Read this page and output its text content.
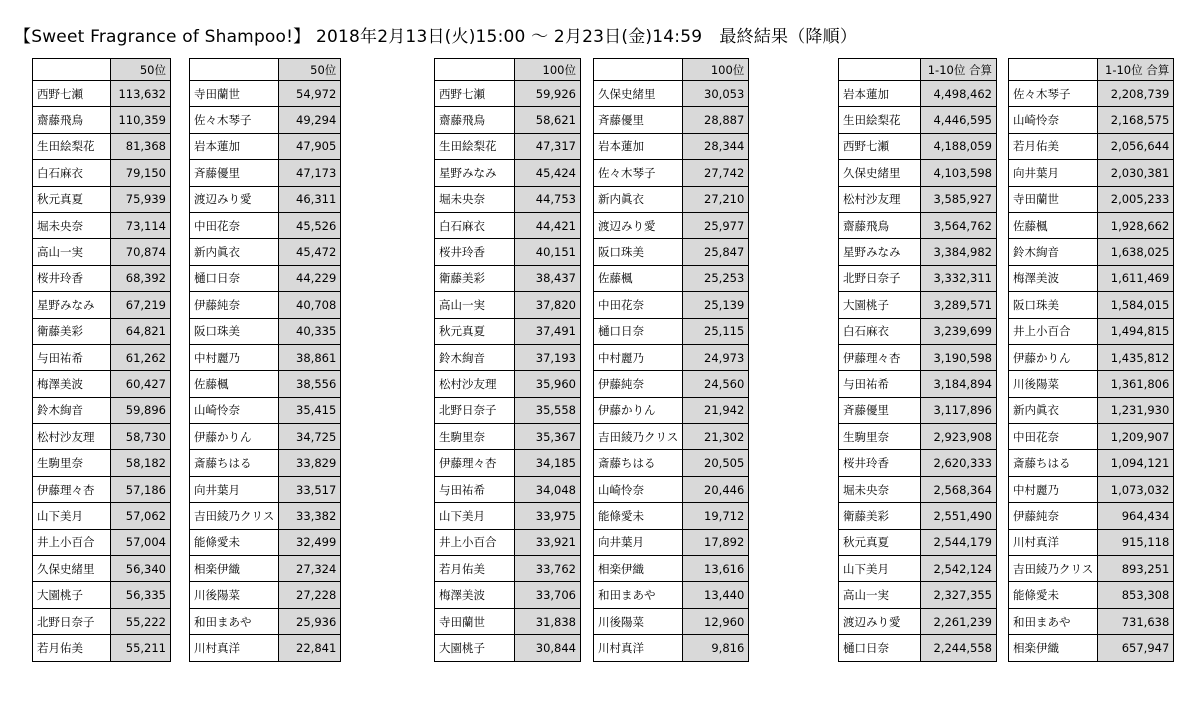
【Sweet Fragrance of Shampoo!】 2018年2月13日(火)15:00 ～ 2月23日(金)14:59　最終結果（降順）
	50位
西野七瀬	113,632
齋藤飛鳥	110,359
生田絵梨花	81,368
白石麻衣	79,150
秋元真夏	75,939
堀未央奈	73,114
高山一実	70,874
桜井玲香	68,392
星野みなみ	67,219
衛藤美彩	64,821
与田祐希	61,262
梅澤美波	60,427
鈴木絢音	59,896
松村沙友理	58,730
生駒里奈	58,182
伊藤理々杏	57,186
山下美月	57,062
井上小百合	57,004
久保史緒里	56,340
大園桃子	56,335
北野日奈子	55,222
若月佑美	55,211
	50位
寺田蘭世	54,972
佐々木琴子	49,294
岩本蓮加	47,905
斉藤優里	47,173
渡辺みり愛	46,311
中田花奈	45,526
新内眞衣	45,472
樋口日奈	44,229
伊藤純奈	40,708
阪口珠美	40,335
中村麗乃	38,861
佐藤楓	38,556
山崎怜奈	35,415
伊藤かりん	34,725
斎藤ちはる	33,829
向井葉月	33,517
吉田綾乃クリス	33,382
能條愛未	32,499
相楽伊織	27,324
川後陽菜	27,228
和田まあや	25,936
川村真洋	22,841
	100位
西野七瀬	59,926
齋藤飛鳥	58,621
生田絵梨花	47,317
星野みなみ	45,424
堀未央奈	44,753
白石麻衣	44,421
桜井玲香	40,151
衛藤美彩	38,437
高山一実	37,820
秋元真夏	37,491
鈴木絢音	37,193
松村沙友理	35,960
北野日奈子	35,558
生駒里奈	35,367
伊藤理々杏	34,185
与田祐希	34,048
山下美月	33,975
井上小百合	33,921
若月佑美	33,762
梅澤美波	33,706
寺田蘭世	31,838
大園桃子	30,844
	100位
久保史緒里	30,053
斉藤優里	28,887
岩本蓮加	28,344
佐々木琴子	27,742
新内眞衣	27,210
渡辺みり愛	25,977
阪口珠美	25,847
佐藤楓	25,253
中田花奈	25,139
樋口日奈	25,115
中村麗乃	24,973
伊藤純奈	24,560
伊藤かりん	21,942
吉田綾乃クリス	21,302
斎藤ちはる	20,505
山崎怜奈	20,446
能條愛未	19,712
向井葉月	17,892
相楽伊織	13,616
和田まあや	13,440
川後陽菜	12,960
川村真洋	9,816
	1-10位 合算
岩本蓮加	4,498,462
生田絵梨花	4,446,595
西野七瀬	4,188,059
久保史緒里	4,103,598
松村沙友理	3,585,927
齋藤飛鳥	3,564,762
星野みなみ	3,384,982
北野日奈子	3,332,311
大園桃子	3,289,571
白石麻衣	3,239,699
伊藤理々杏	3,190,598
与田祐希	3,184,894
斉藤優里	3,117,896
生駒里奈	2,923,908
桜井玲香	2,620,333
堀未央奈	2,568,364
衛藤美彩	2,551,490
秋元真夏	2,544,179
山下美月	2,542,124
高山一実	2,327,355
渡辺みり愛	2,261,239
樋口日奈	2,244,558
	1-10位 合算
佐々木琴子	2,208,739
山崎怜奈	2,168,575
若月佑美	2,056,644
向井葉月	2,030,381
寺田蘭世	2,005,233
佐藤楓	1,928,662
鈴木絢音	1,638,025
梅澤美波	1,611,469
阪口珠美	1,584,015
井上小百合	1,494,815
伊藤かりん	1,435,812
川後陽菜	1,361,806
新内眞衣	1,231,930
中田花奈	1,209,907
斎藤ちはる	1,094,121
中村麗乃	1,073,032
伊藤純奈	964,434
川村真洋	915,118
吉田綾乃クリス	893,251
能條愛未	853,308
和田まあや	731,638
相楽伊織	657,947
